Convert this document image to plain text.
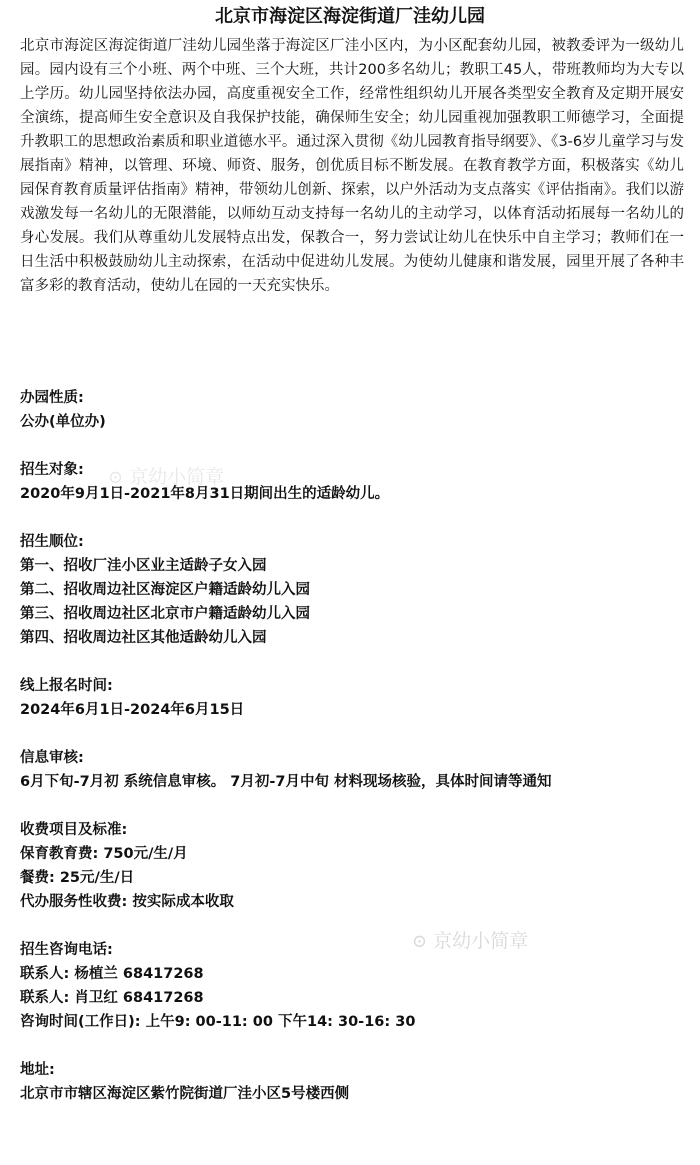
北京市海淀区海淀街道厂洼幼儿园

北京市海淀区海淀街道厂洼幼儿园坐落于海淀区厂洼小区内，为小区配套幼儿园，被教委评为一级幼儿园。园内设有三个小班、两个中班、三个大班，共计200多名幼儿；教职工45人，带班教师均为大专以上学历。幼儿园坚持依法办园，高度重视安全工作，经常性组织幼儿开展各类型安全教育及定期开展安全演练，提高师生安全意识及自我保护技能，确保师生安全；幼儿园重视加强教职工师德学习，全面提升教职工的思想政治素质和职业道德水平。通过深入贯彻《幼儿园教育指导纲要》、《3-6岁儿童学习与发展指南》精神，以管理、环境、师资、服务，创优质目标不断发展。在教育教学方面，积极落实《幼儿园保育教育质量评估指南》精神，带领幼儿创新、探索，以户外活动为支点落实《评估指南》。我们以游戏激发每一名幼儿的无限潜能，以师幼互动支持每一名幼儿的主动学习，以体育活动拓展每一名幼儿的身心发展。我们从尊重幼儿发展特点出发，保教合一，努力尝试让幼儿在快乐中自主学习；教师们在一日生活中积极鼓励幼儿主动探索，在活动中促进幼儿发展。为使幼儿健康和谐发展，园里开展了各种丰富多彩的教育活动，使幼儿在园的一天充实快乐。

办园性质:

公办(单位办)

招生对象:

2020年9月1日-2021年8月31日期间出生的适龄幼儿。

招生顺位:

第一、招收厂洼小区业主适龄子女入园

第二、招收周边社区海淀区户籍适龄幼儿入园

第三、招收周边社区北京市户籍适龄幼儿入园

第四、招收周边社区其他适龄幼儿入园

线上报名时间:

2024年6月1日-2024年6月15日

信息审核:

6月下旬-7月初 系统信息审核。 7月初-7月中旬 材料现场核验，具体时间请等通知

收费项目及标准:

保育教育费: 750元/生/月

餐费: 25元/生/日

代办服务性收费: 按实际成本收取

招生咨询电话:

联系人: 杨植兰 68417268

联系人: 肖卫红 68417268

咨询时间(工作日): 上午9: 00-11: 00 下午14: 30-16: 30

地址:

北京市市辖区海淀区紫竹院街道厂洼小区5号楼西侧

⊙ 京幼小简章
⊙ 京幼小简章
